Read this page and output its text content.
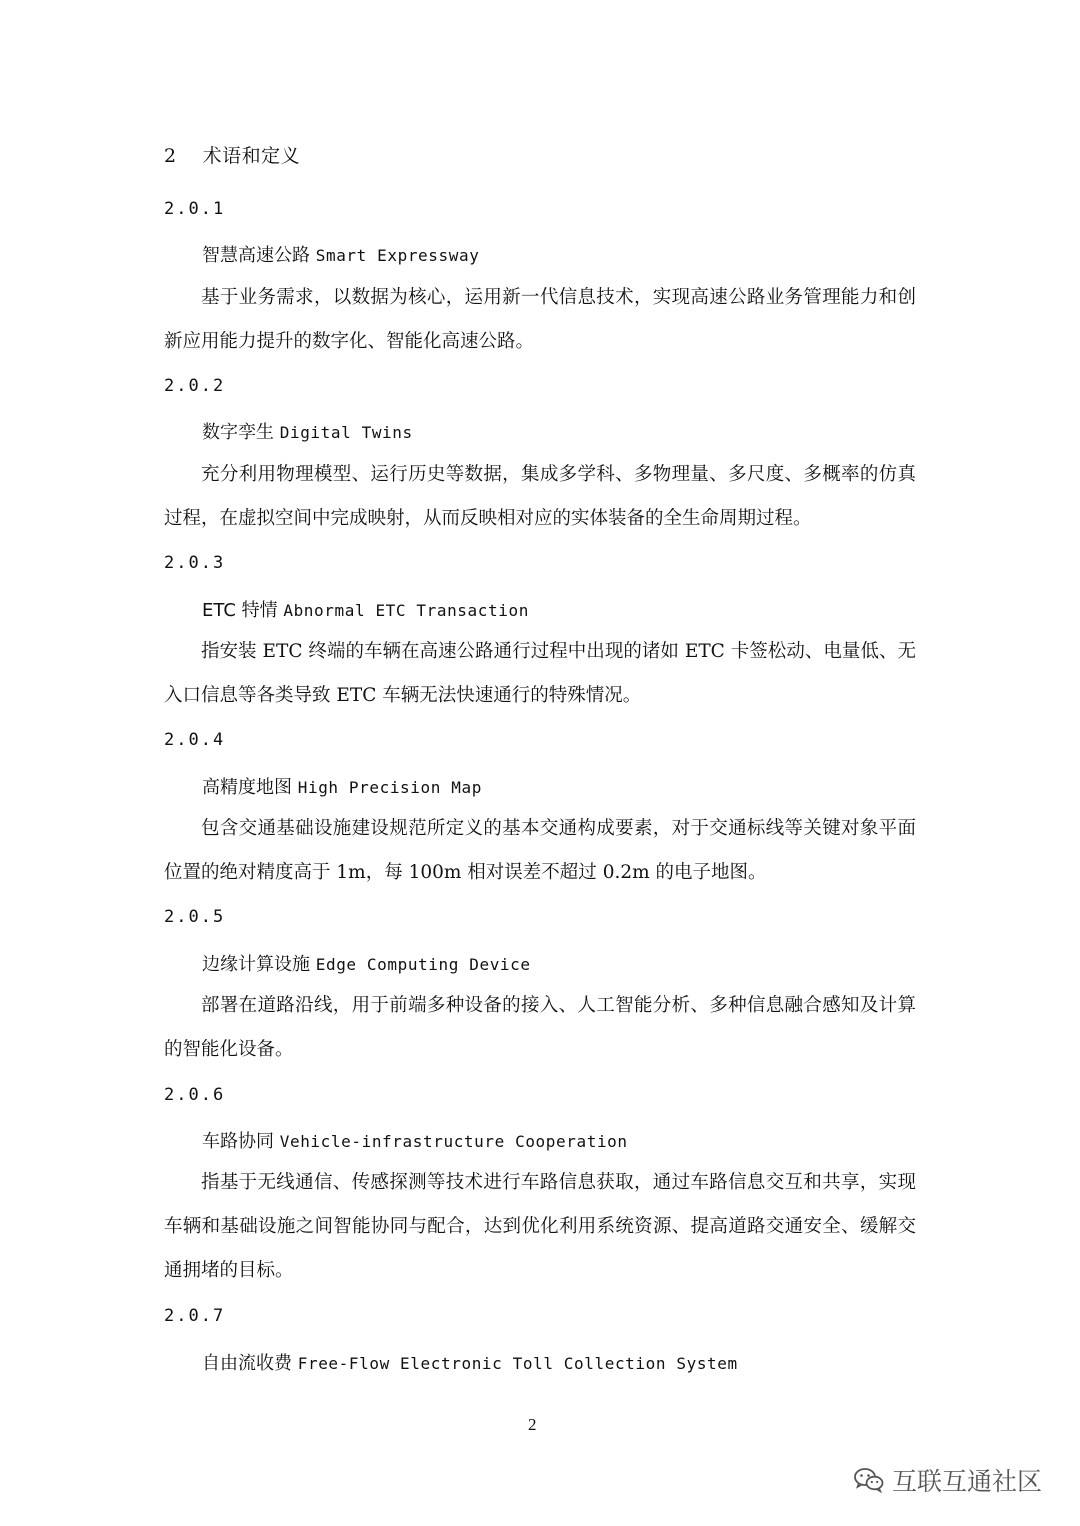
2 术语和定义
2.0.1
智慧高速公路 Smart Expressway
基于业务需求，以数据为核心，运用新一代信息技术，实现高速公路业务管理能力和创新应用能力提升的数字化、智能化高速公路。
2.0.2
数字孪生 Digital Twins
充分利用物理模型、运行历史等数据，集成多学科、多物理量、多尺度、多概率的仿真过程，在虚拟空间中完成映射，从而反映相对应的实体装备的全生命周期过程。
2.0.3
ETC 特情 Abnormal ETC Transaction
指安装 ETC 终端的车辆在高速公路通行过程中出现的诸如 ETC 卡签松动、电量低、无入口信息等各类导致 ETC 车辆无法快速通行的特殊情况。
2.0.4
高精度地图 High Precision Map
包含交通基础设施建设规范所定义的基本交通构成要素，对于交通标线等关键对象平面位置的绝对精度高于 1m，每 100m 相对误差不超过 0.2m 的电子地图。
2.0.5
边缘计算设施 Edge Computing Device
部署在道路沿线，用于前端多种设备的接入、人工智能分析、多种信息融合感知及计算的智能化设备。
2.0.6
车路协同 Vehicle-infrastructure Cooperation
指基于无线通信、传感探测等技术进行车路信息获取，通过车路信息交互和共享，实现车辆和基础设施之间智能协同与配合，达到优化利用系统资源、提高道路交通安全、缓解交通拥堵的目标。
2.0.7
自由流收费 Free-Flow Electronic Toll Collection System
2
互联互通社区
